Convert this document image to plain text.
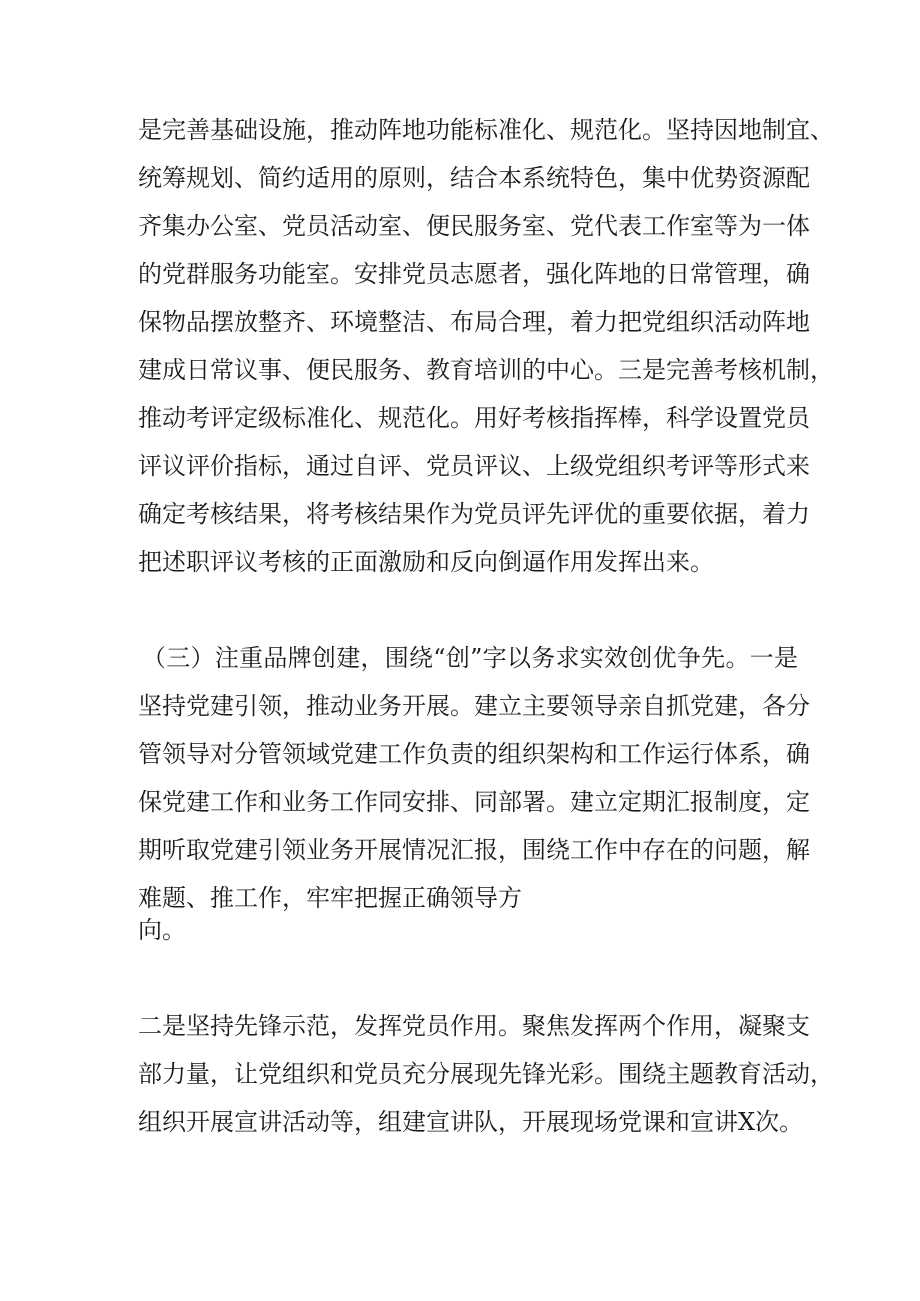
是完善基础设施，推动阵地功能标准化、规范化。坚持因地制宜、

统筹规划、简约适用的原则，结合本系统特色，集中优势资源配

齐集办公室、党员活动室、便民服务室、党代表工作室等为一体

的党群服务功能室。安排党员志愿者，强化阵地的日常管理，确

保物品摆放整齐、环境整洁、布局合理，着力把党组织活动阵地

建成日常议事、便民服务、教育培训的中心。三是完善考核机制，

推动考评定级标准化、规范化。用好考核指挥棒，科学设置党员

评议评价指标，通过自评、党员评议、上级党组织考评等形式来

确定考核结果，将考核结果作为党员评先评优的重要依据，着力

把述职评议考核的正面激励和反向倒逼作用发挥出来。

（三）注重品牌创建，围绕“创”字以务求实效创优争先。一是

坚持党建引领，推动业务开展。建立主要领导亲自抓党建，各分

管领导对分管领域党建工作负责的组织架构和工作运行体系，确

保党建工作和业务工作同安排、同部署。建立定期汇报制度，定

期听取党建引领业务开展情况汇报，围绕工作中存在的问题，解

难题、推工作，牢牢把握正确领导方

向。

二是坚持先锋示范，发挥党员作用。聚焦发挥两个作用，凝聚支

部力量，让党组织和党员充分展现先锋光彩。围绕主题教育活动，

组织开展宣讲活动等，组建宣讲队，开展现场党课和宣讲X次。
